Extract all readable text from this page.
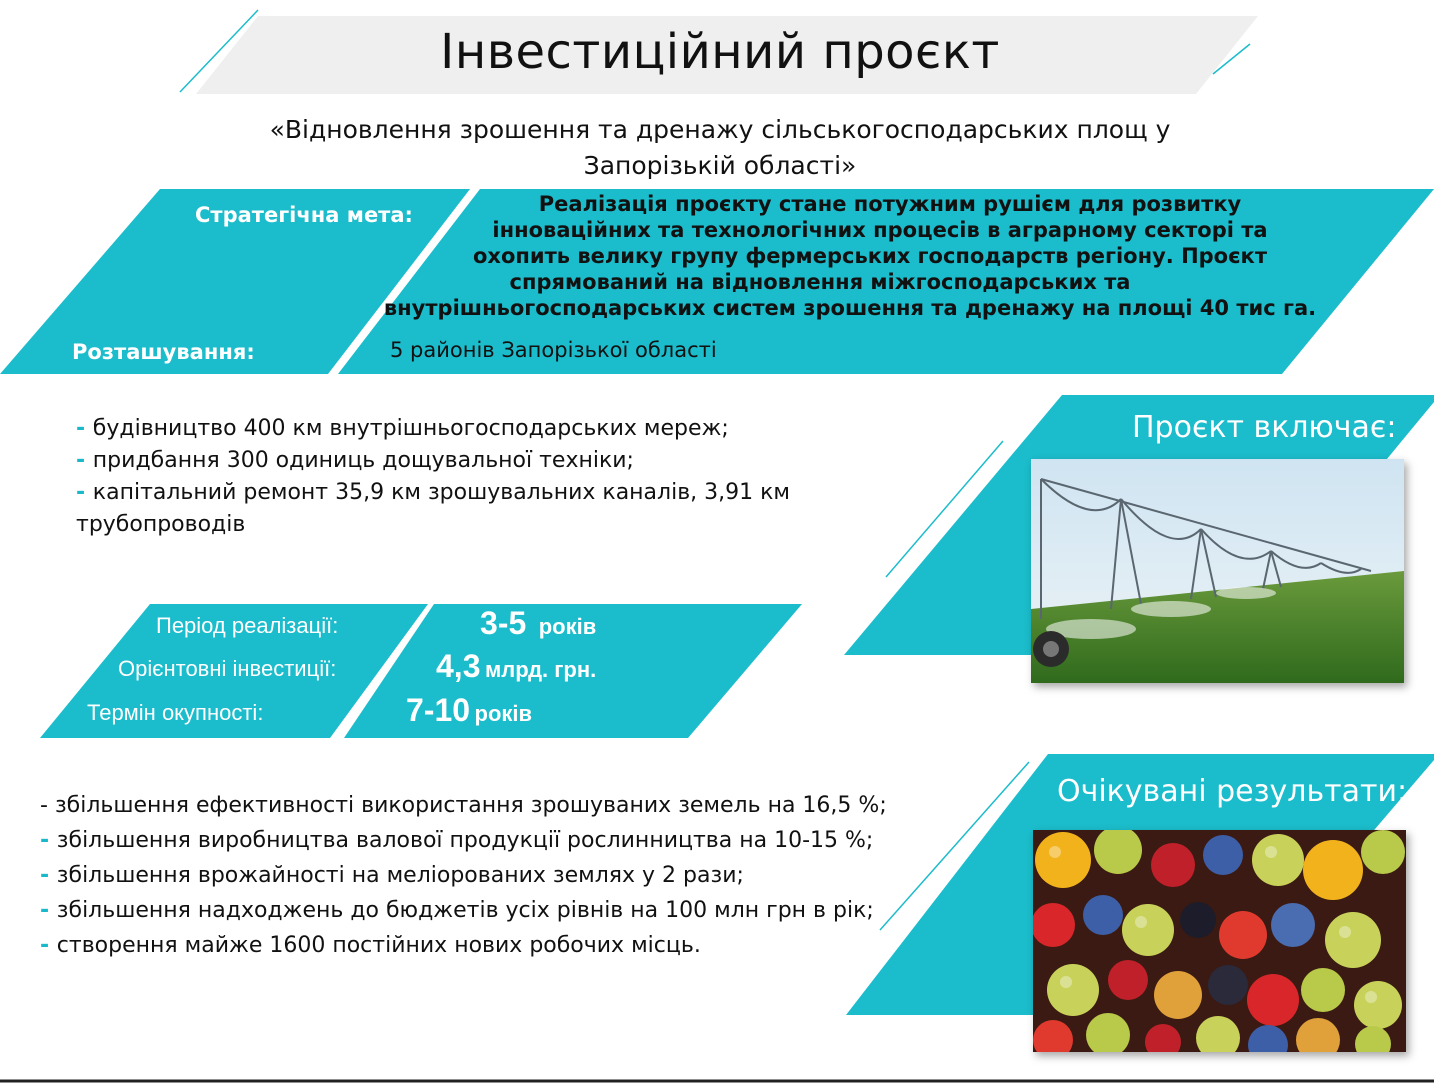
Інвестиційний проєкт
«Відновлення зрошення та дренажу сільськогосподарських площ у
Запорізькій області»
Стратегічна мета:	Реалізація проєкту стане потужним рушієм для розвитку
інноваційних та технологічних процесів в аграрному секторі та
охопить велику групу фермерських господарств регіону. Проєкт
спрямований на відновлення міжгосподарських та
внутрішньогосподарських систем зрошення та дренажу на площі 40 тис га.
Розташування:	5 районів Запорізької області
- будівництво 400 км внутрішньогосподарських мереж;
- придбання 300 одиниць дощувальної техніки;
- капітальний ремонт 35,9 км зрошувальних каналів, 3,91 км
трубопроводів
Проєкт включає:
Період реалізації:
Орієнтовні інвестиції:
Термін окупності:
3-5 років
4,3 млрд. грн.
7-10 років
- збільшення ефективності використання зрошуваних земель на 16,5 %;
- збільшення виробництва валової продукції рослинництва на 10-15 %;
- збільшення врожайності на меліорованих землях у 2 рази;
- збільшення надходжень до бюджетів усіх рівнів на 100 млн грн в рік;
- створення майже 1600 постійних нових робочих місць.
Очікувані результати:
